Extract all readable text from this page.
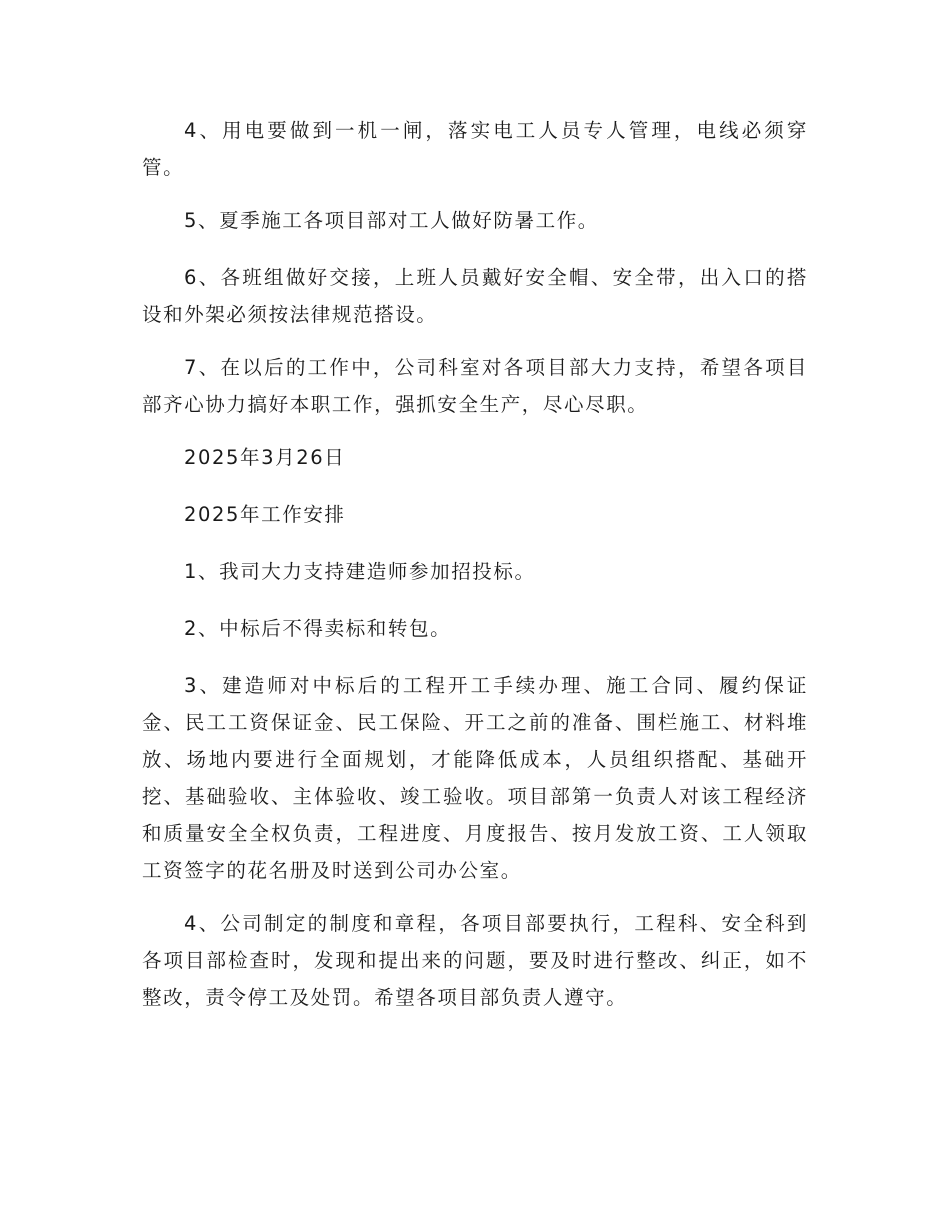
4、用电要做到一机一闸，落实电工人员专人管理，电线必须穿管。

5、夏季施工各项目部对工人做好防暑工作。

6、各班组做好交接，上班人员戴好安全帽、安全带，出入口的搭设和外架必须按法律规范搭设。

7、在以后的工作中，公司科室对各项目部大力支持，希望各项目部齐心协力搞好本职工作，强抓安全生产，尽心尽职。

2025年3月26日

2025年工作安排

1、我司大力支持建造师参加招投标。

2、中标后不得卖标和转包。

3、建造师对中标后的工程开工手续办理、施工合同、履约保证金、民工工资保证金、民工保险、开工之前的准备、围栏施工、材料堆放、场地内要进行全面规划，才能降低成本，人员组织搭配、基础开挖、基础验收、主体验收、竣工验收。项目部第一负责人对该工程经济和质量安全全权负责，工程进度、月度报告、按月发放工资、工人领取工资签字的花名册及时送到公司办公室。

4、公司制定的制度和章程，各项目部要执行，工程科、安全科到各项目部检查时，发现和提出来的问题，要及时进行整改、纠正，如不整改，责令停工及处罚。希望各项目部负责人遵守。
